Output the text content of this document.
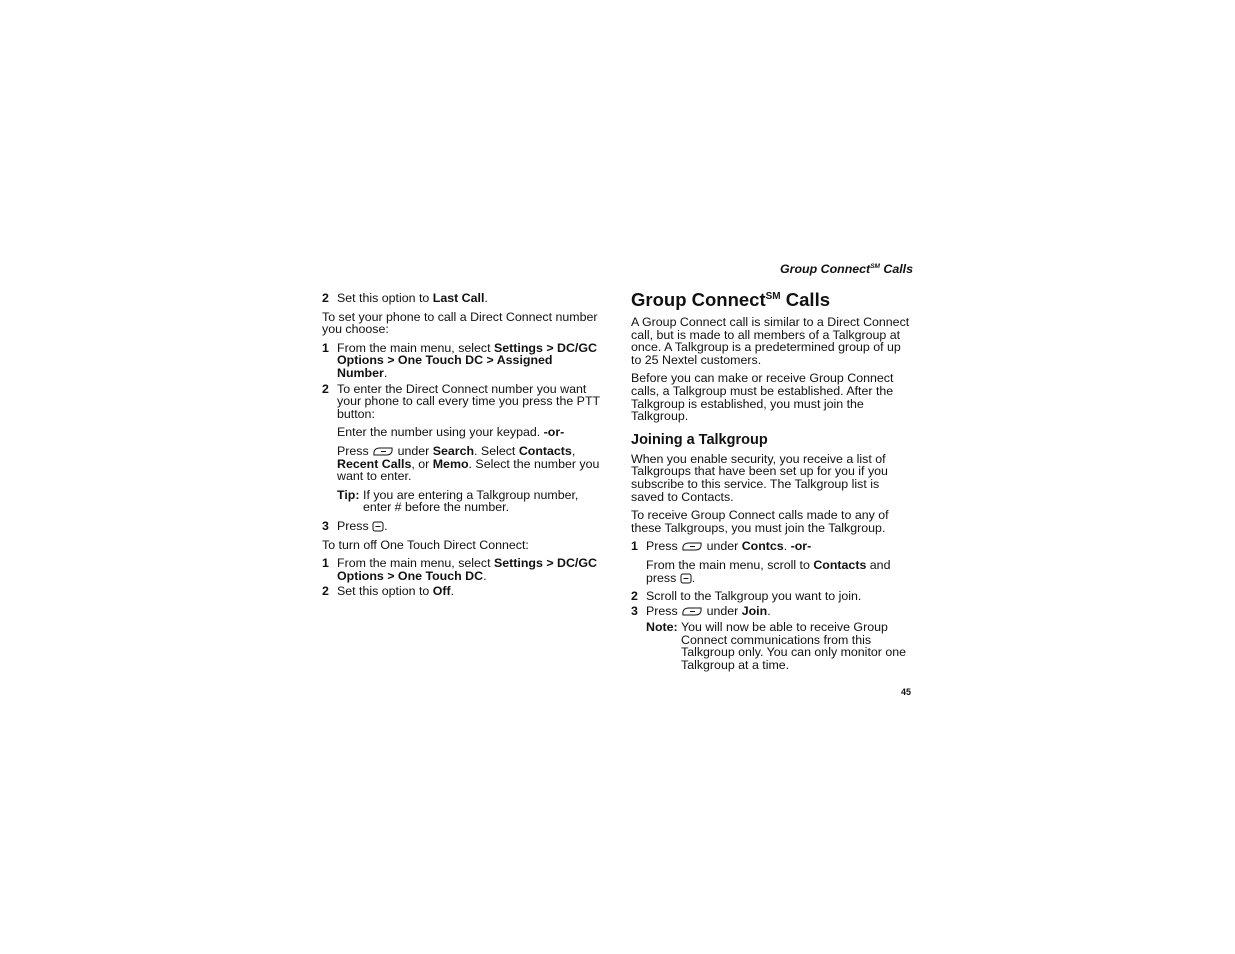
Group Connect℠ Calls
2 Set this option to Last Call.
To set your phone to call a Direct Connect number you choose:
1 From the main menu, select Settings > DC/GC Options > One Touch DC > Assigned Number.
2 To enter the Direct Connect number you want your phone to call every time you press the PTT button:
Enter the number using your keypad. -or-
Press  under Search. Select Contacts, Recent Calls, or Memo. Select the number you want to enter.
Tip: If you are entering a Talkgroup number, enter # before the number.
3 Press .
To turn off One Touch Direct Connect:
1 From the main menu, select Settings > DC/GC Options > One Touch DC.
2 Set this option to Off.
Group Connect℠ Calls
A Group Connect call is similar to a Direct Connect call, but is made to all members of a Talkgroup at once. A Talkgroup is a predetermined group of up to 25 Nextel customers.
Before you can make or receive Group Connect calls, a Talkgroup must be established. After the Talkgroup is established, you must join the Talkgroup.
Joining a Talkgroup
When you enable security, you receive a list of Talkgroups that have been set up for you if you subscribe to this service. The Talkgroup list is saved to Contacts.
To receive Group Connect calls made to any of these Talkgroups, you must join the Talkgroup.
1 Press  under Contcs. -or-
From the main menu, scroll to Contacts and press .
2 Scroll to the Talkgroup you want to join.
3 Press  under Join.
Note: You will now be able to receive Group Connect communications from this Talkgroup only. You can only monitor one Talkgroup at a time.
45
